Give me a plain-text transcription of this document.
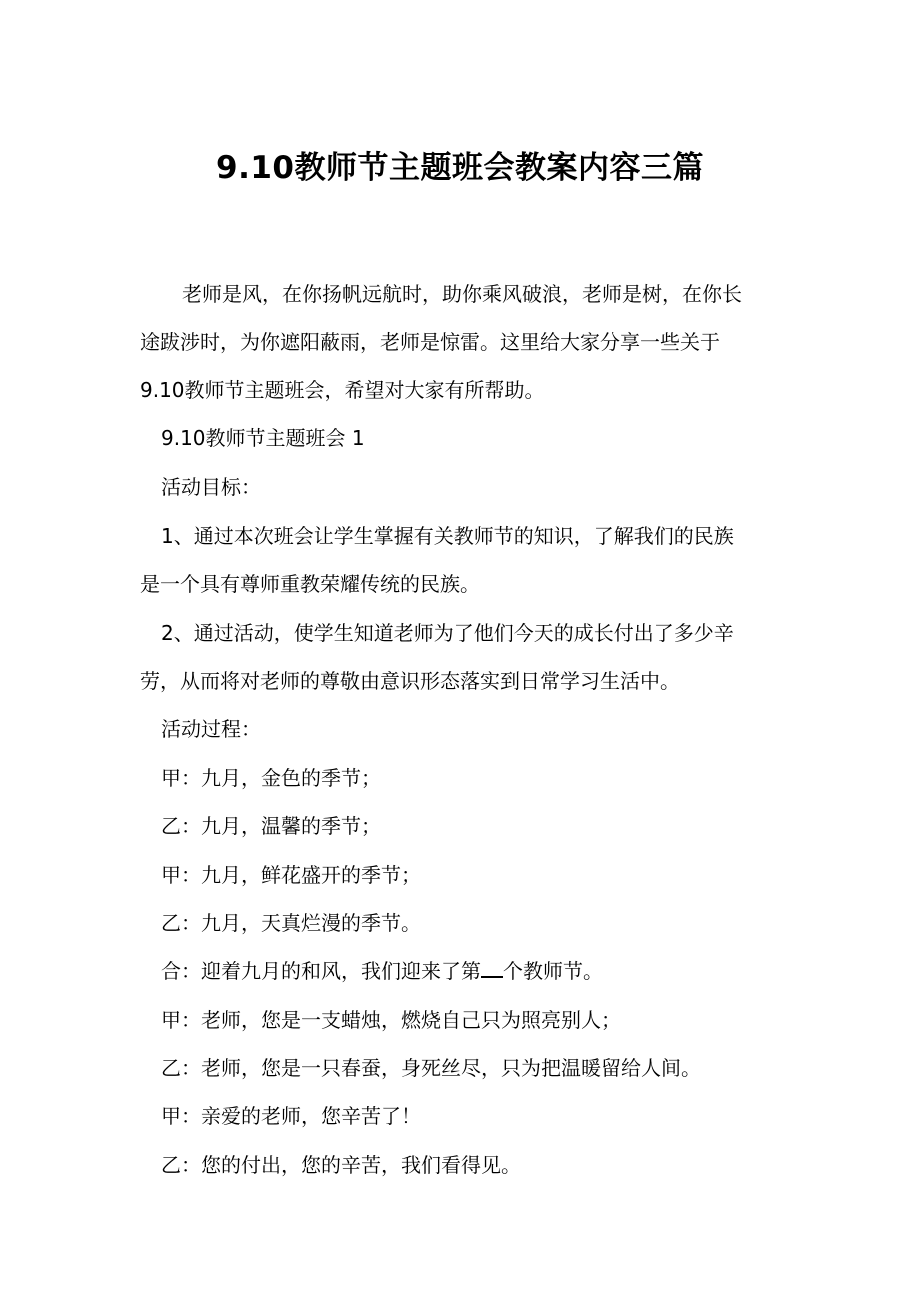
9.10教师节主题班会教案内容三篇

老师是风，在你扬帆远航时，助你乘风破浪，老师是树，在你长

途跋涉时，为你遮阳蔽雨，老师是惊雷。这里给大家分享一些关于

9.10教师节主题班会，希望对大家有所帮助。

9.10教师节主题班会 1

活动目标：

1、通过本次班会让学生掌握有关教师节的知识，了解我们的民族

是一个具有尊师重教荣耀传统的民族。

2、通过活动，使学生知道老师为了他们今天的成长付出了多少辛

劳，从而将对老师的尊敬由意识形态落实到日常学习生活中。

活动过程：

甲：九月，金色的季节；

乙：九月，温馨的季节；

甲：九月，鲜花盛开的季节；

乙：九月，天真烂漫的季节。

合：迎着九月的和风，我们迎来了第 个教师节。

甲：老师，您是一支蜡烛，燃烧自己只为照亮别人；

乙：老师，您是一只春蚕，身死丝尽，只为把温暖留给人间。

甲：亲爱的老师，您辛苦了！

乙：您的付出，您的辛苦，我们看得见。
